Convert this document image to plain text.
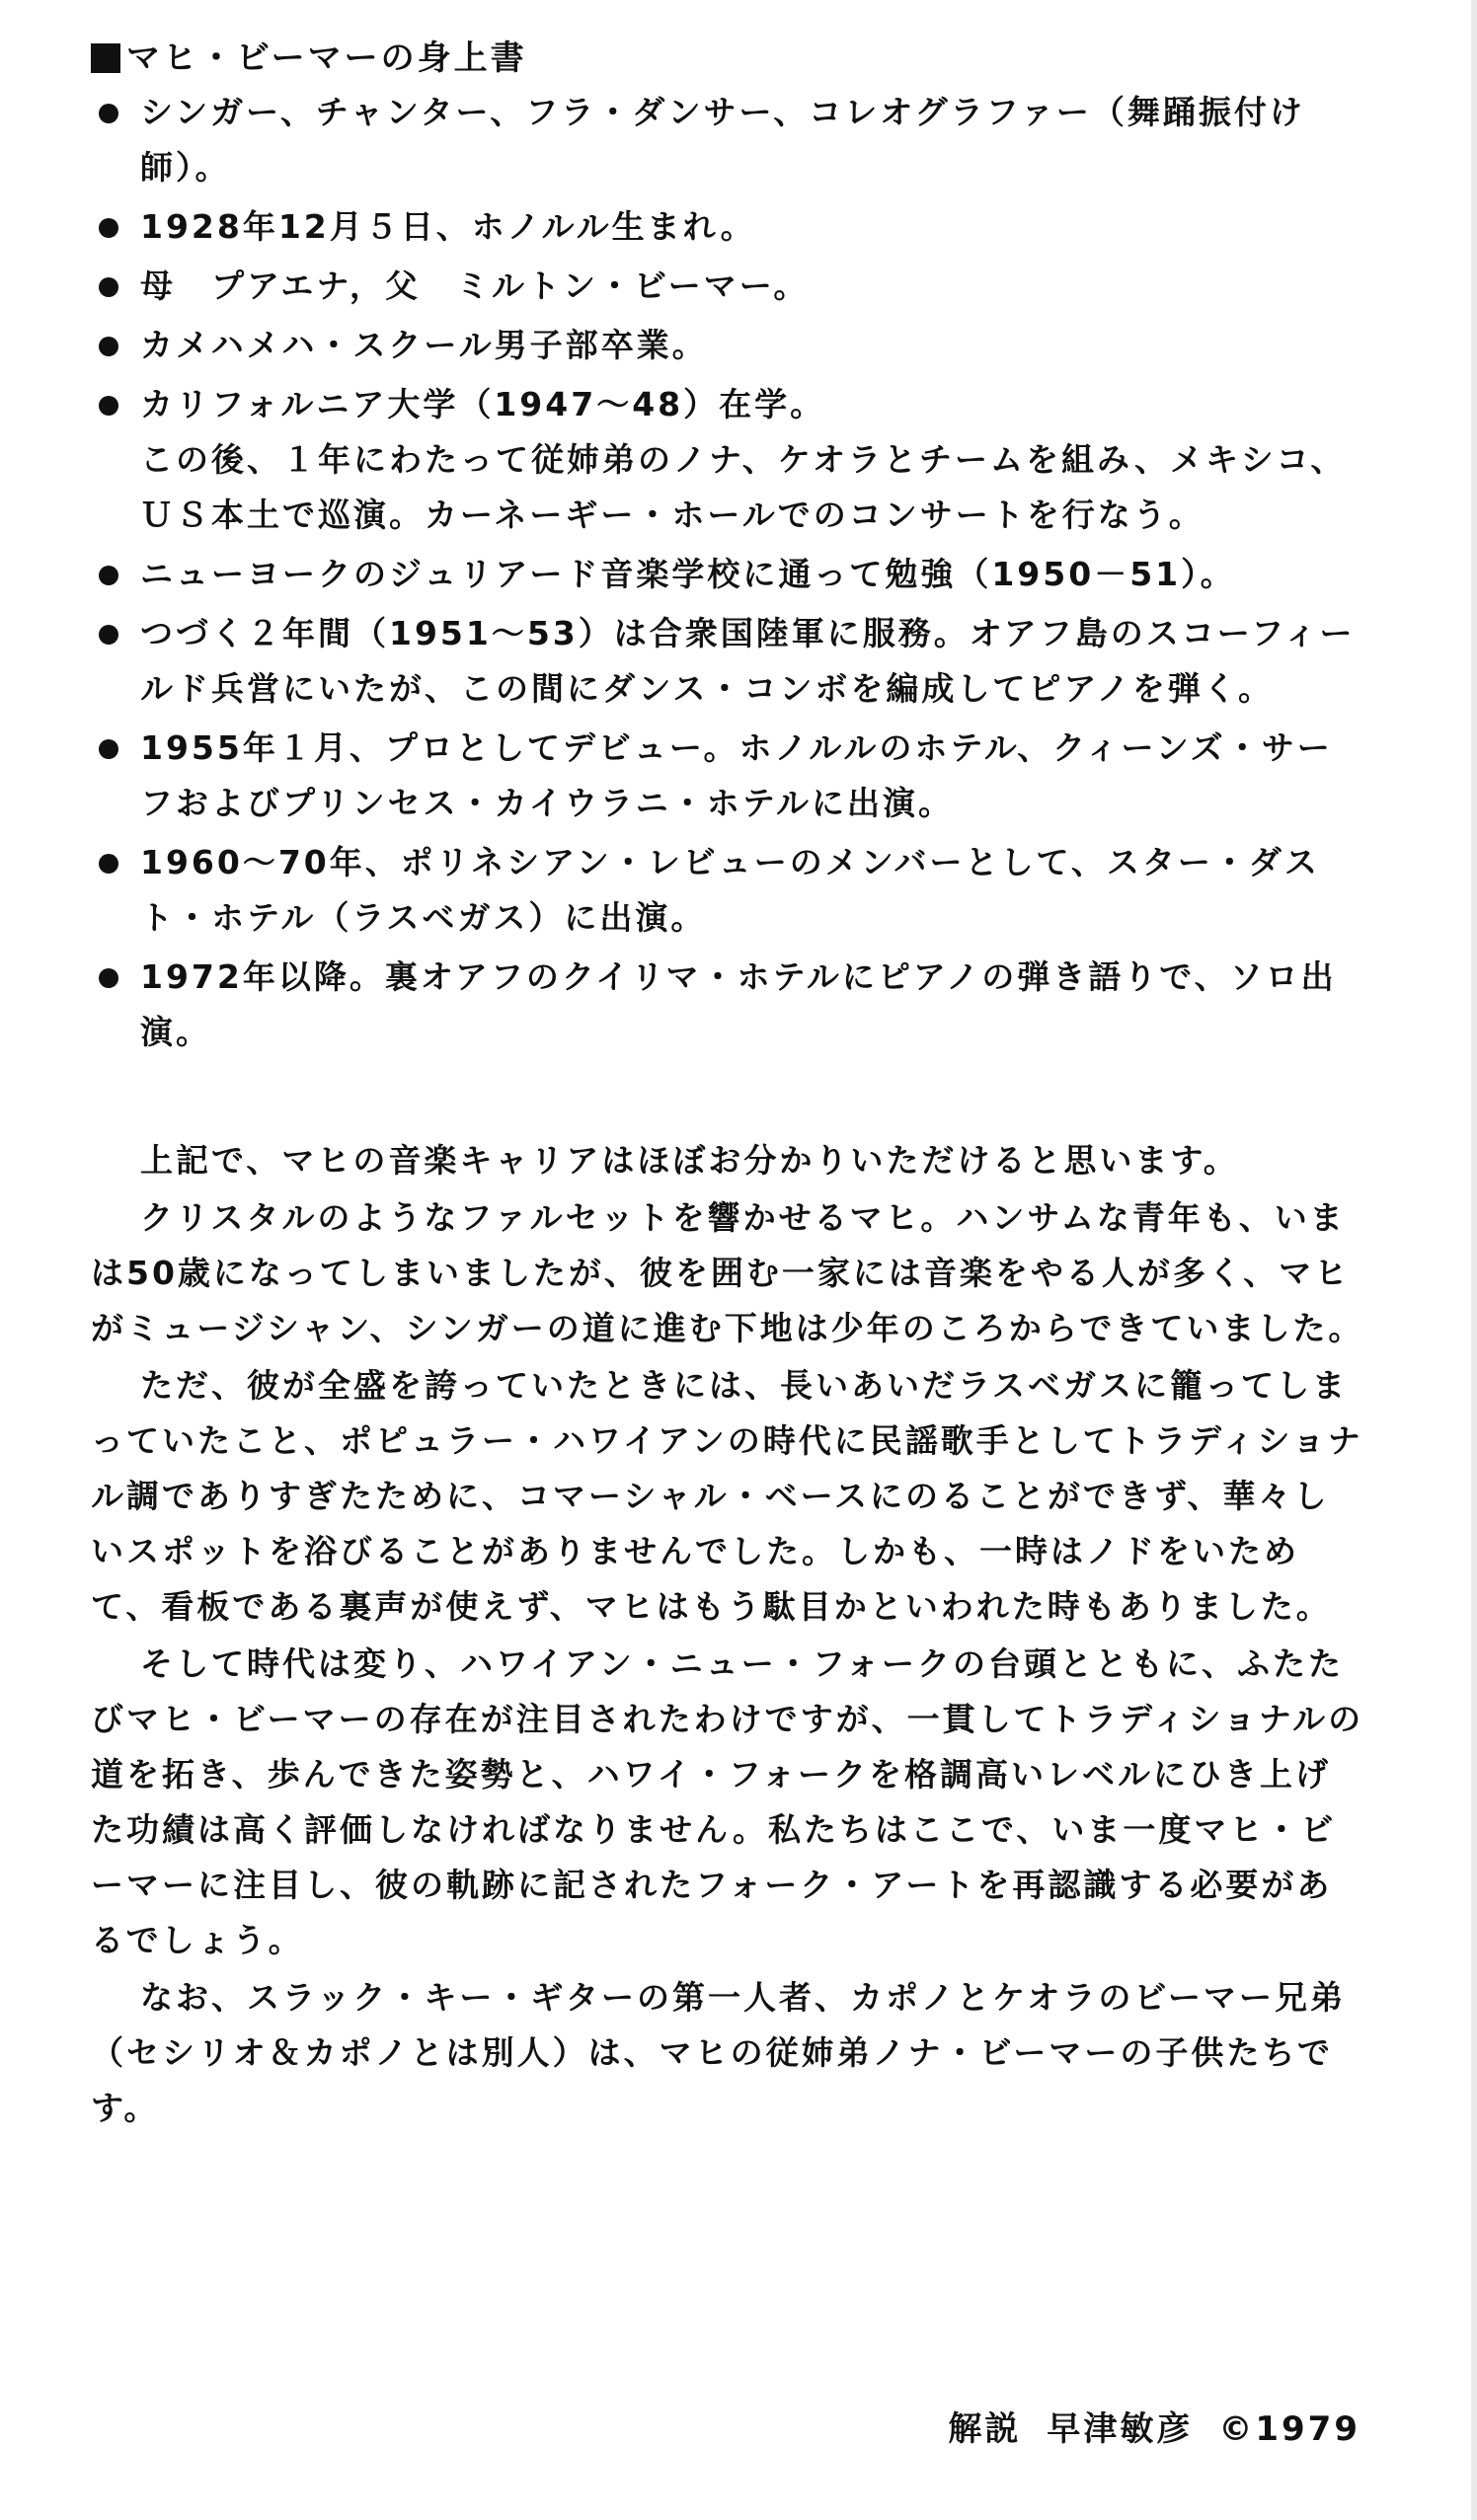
マヒ・ビーマーの身上書
シンガー、チャンター、フラ・ダンサー、コレオグラファー（舞踊振付け師）。
1928年12月５日、ホノルル生まれ。
母　プアエナ，父　ミルトン・ビーマー。
カメハメハ・スクール男子部卒業。
カリフォルニア大学（1947～48）在学。
この後、１年にわたって従姉弟のノナ、ケオラとチームを組み、メキシコ、ＵＳ本土で巡演。カーネーギー・ホールでのコンサートを行なう。
ニューヨークのジュリアード音楽学校に通って勉強（1950－51）。
つづく２年間（1951～53）は合衆国陸軍に服務。オアフ島のスコーフィールド兵営にいたが、この間にダンス・コンボを編成してピアノを弾く。
1955年１月、プロとしてデビュー。ホノルルのホテル、クィーンズ・サーフおよびプリンセス・カイウラニ・ホテルに出演。
1960～70年、ポリネシアン・レビューのメンバーとして、スター・ダスト・ホテル（ラスベガス）に出演。
1972年以降。裏オアフのクイリマ・ホテルにピアノの弾き語りで、ソロ出演。

上記で、マヒの音楽キャリアはほぼお分かりいただけると思います。

クリスタルのようなファルセットを響かせるマヒ。ハンサムな青年も、いまは50歳になってしまいましたが、彼を囲む一家には音楽をやる人が多く、マヒがミュージシャン、シンガーの道に進む下地は少年のころからできていました。

ただ、彼が全盛を誇っていたときには、長いあいだラスベガスに籠ってしまっていたこと、ポピュラー・ハワイアンの時代に民謡歌手としてトラディショナル調でありすぎたために、コマーシャル・ベースにのることができず、華々しいスポットを浴びることがありませんでした。しかも、一時はノドをいためて、看板である裏声が使えず、マヒはもう駄目かといわれた時もありました。

そして時代は変り、ハワイアン・ニュー・フォークの台頭とともに、ふたたびマヒ・ビーマーの存在が注目されたわけですが、一貫してトラディショナルの道を拓き、歩んできた姿勢と、ハワイ・フォークを格調高いレベルにひき上げた功績は高く評価しなければなりません。私たちはここで、いま一度マヒ・ビーマーに注目し、彼の軌跡に記されたフォーク・アートを再認識する必要があるでしょう。

なお、スラック・キー・ギターの第一人者、カポノとケオラのビーマー兄弟（セシリオ＆カポノとは別人）は、マヒの従姉弟ノナ・ビーマーの子供たちです。

解説 早津敏彦 ©1979
